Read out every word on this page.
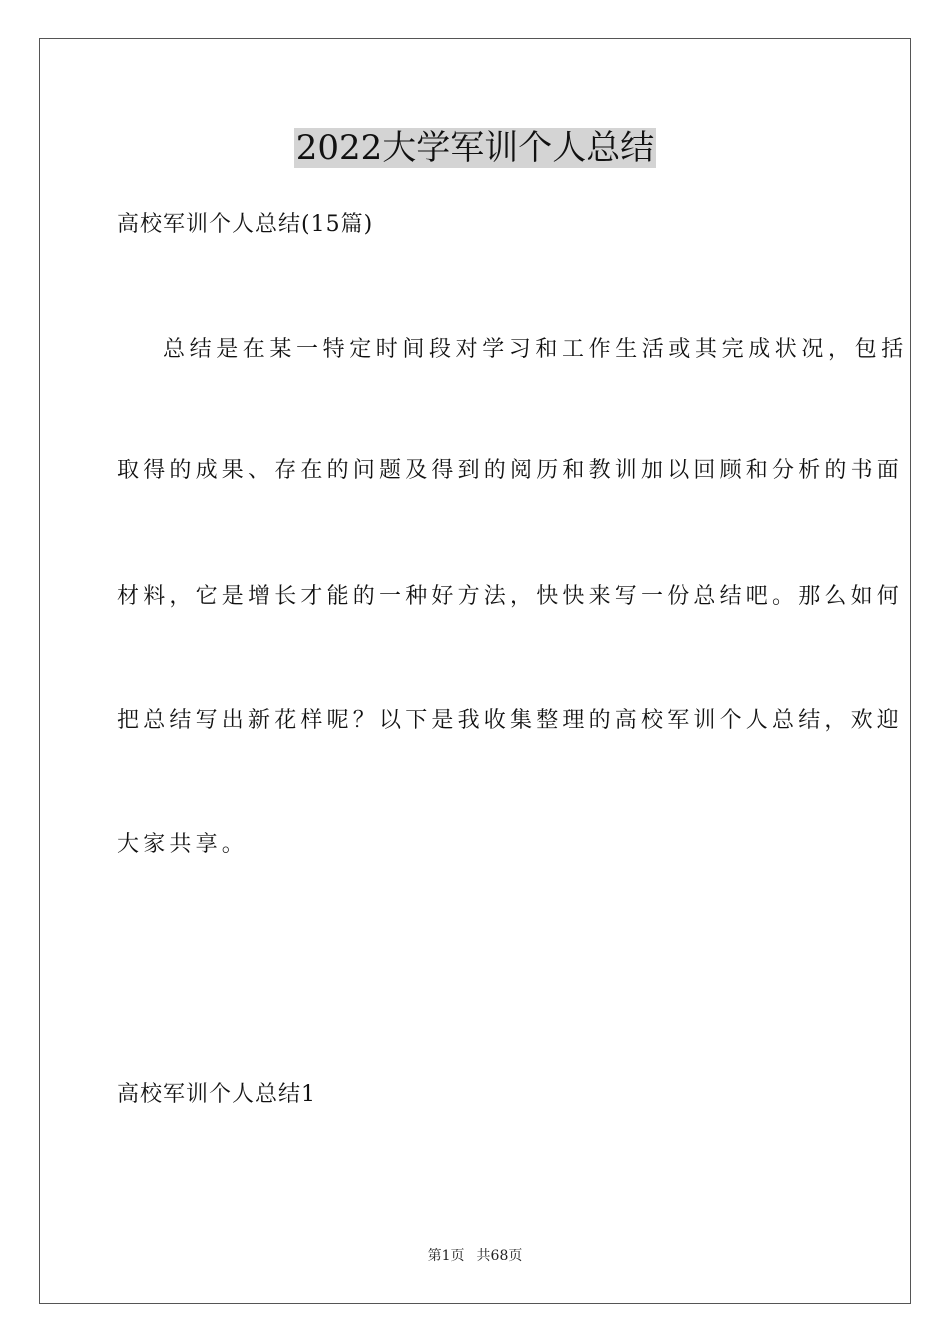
2022大学军训个人总结

高校军训个人总结(15篇)

总结是在某一特定时间段对学习和工作生活或其完成状况，包括

取得的成果、存在的问题及得到的阅历和教训加以回顾和分析的书面

材料，它是增长才能的一种好方法，快快来写一份总结吧。那么如何

把总结写出新花样呢？以下是我收集整理的高校军训个人总结，欢迎

大家共享。

高校军训个人总结1

第1页 共68页
